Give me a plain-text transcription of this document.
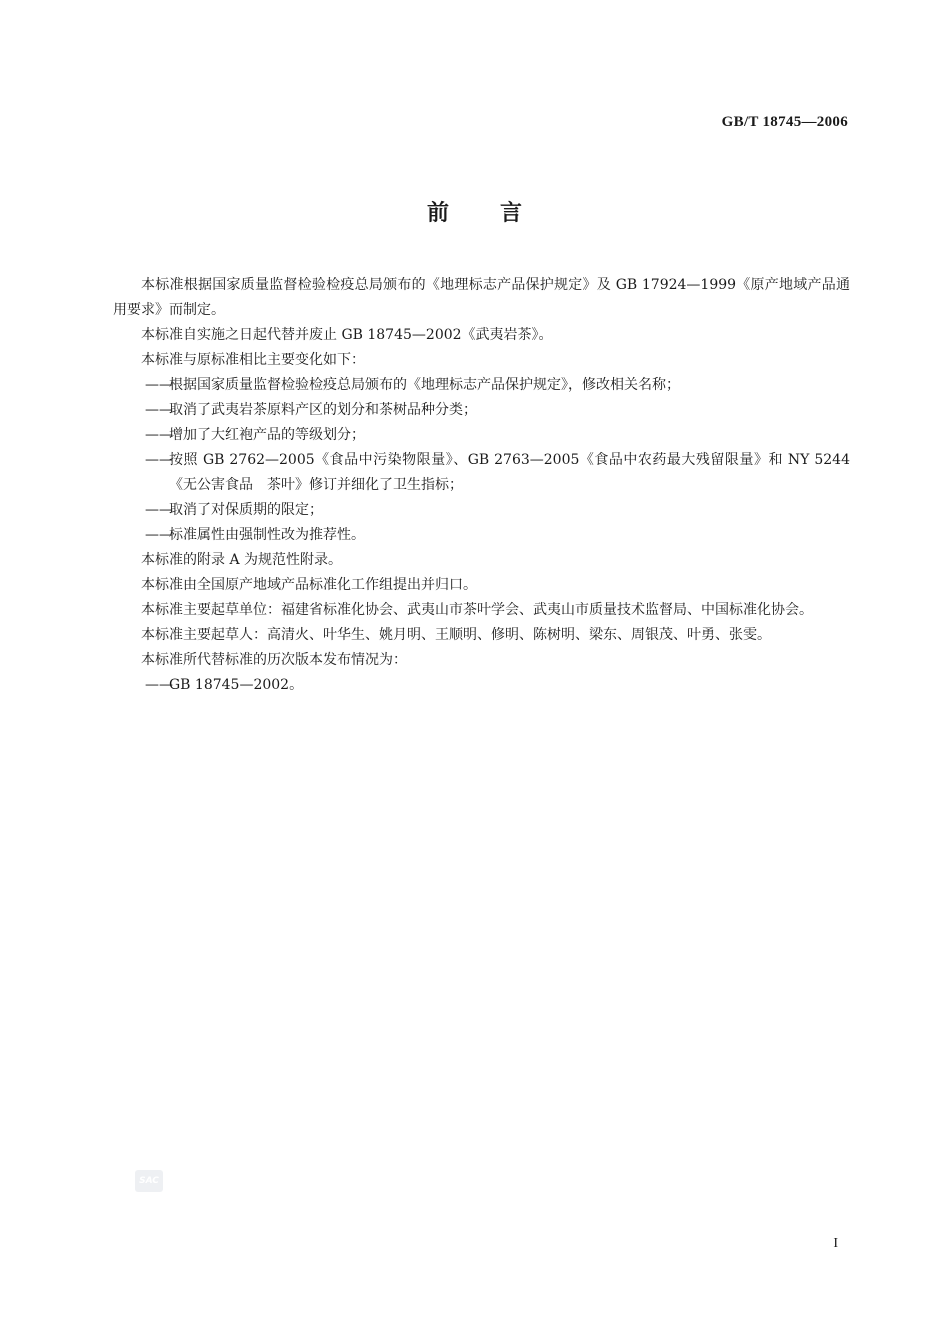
GB/T 18745—2006
前 言

本标准根据国家质量监督检验检疫总局颁布的《地理标志产品保护规定》及 GB 17924—1999《原产地域产品通用要求》而制定。

本标准自实施之日起代替并废止 GB 18745—2002《武夷岩茶》。

本标准与原标准相比主要变化如下：

——
根据国家质量监督检验检疫总局颁布的《地理标志产品保护规定》，修改相关名称；

——
取消了武夷岩茶原料产区的划分和茶树品种分类；

——
增加了大红袍产品的等级划分；

——
按照 GB 2762—2005《食品中污染物限量》、GB 2763—2005《食品中农药最大残留限量》和 NY 5244《无公害食品　茶叶》修订并细化了卫生指标；

——
取消了对保质期的限定；

——
标准属性由强制性改为推荐性。

本标准的附录 A 为规范性附录。

本标准由全国原产地域产品标准化工作组提出并归口。

本标准主要起草单位：福建省标准化协会、武夷山市茶叶学会、武夷山市质量技术监督局、中国标准化协会。

本标准主要起草人：高清火、叶华生、姚月明、王顺明、修明、陈树明、梁东、周银茂、叶勇、张雯。

本标准所代替标准的历次版本发布情况为：

——
GB 18745—2002。

SAC
I
